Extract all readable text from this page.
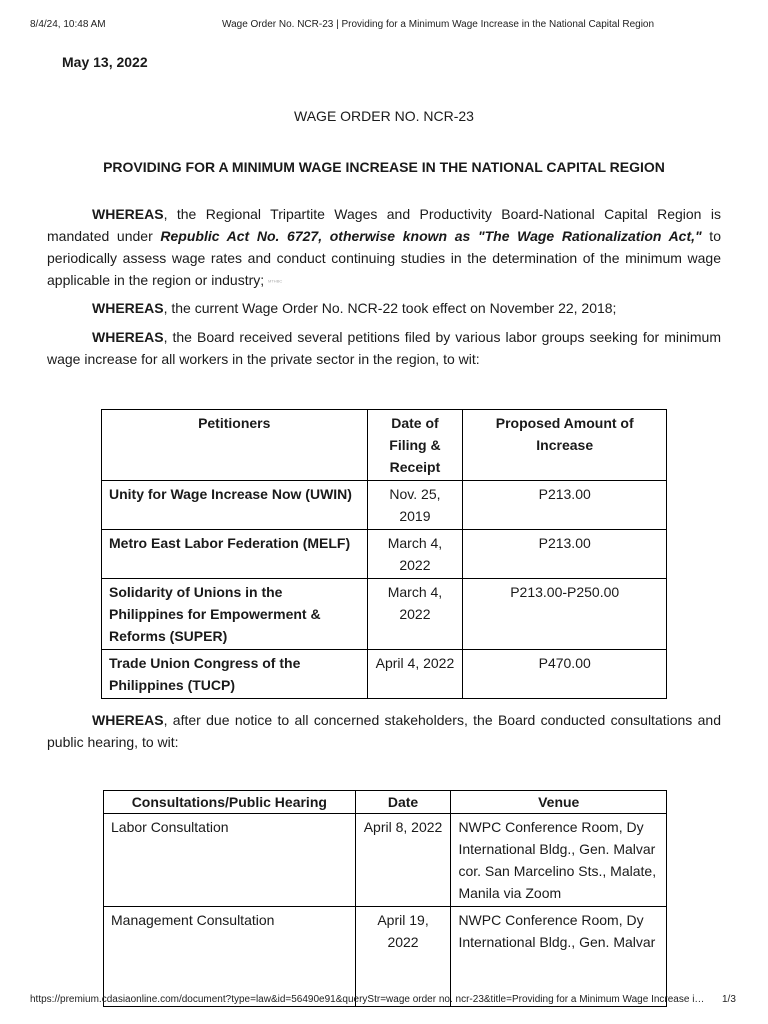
8/4/24, 10:48 AM	Wage Order No. NCR-23 | Providing for a Minimum Wage Increase in the National Capital Region
May 13, 2022
WAGE ORDER NO. NCR-23
PROVIDING FOR A MINIMUM WAGE INCREASE IN THE NATIONAL CAPITAL REGION

WHEREAS, the Regional Tripartite Wages and Productivity Board-National Capital Region is mandated under Republic Act No. 6727, otherwise known as "The Wage Rationalization Act," to periodically assess wage rates and conduct continuing studies in the determination of the minimum wage applicable in the region or industry; MTHBC

WHEREAS, the current Wage Order No. NCR-22 took effect on November 22, 2018;

WHEREAS, the Board received several petitions filed by various labor groups seeking for minimum wage increase for all workers in the private sector in the region, to wit:

Petitioners	Date of Filing & Receipt	Proposed Amount of Increase
Unity for Wage Increase Now (UWIN)	Nov. 25, 2019	P213.00
Metro East Labor Federation (MELF)	March 4, 2022	P213.00
Solidarity of Unions in the Philippines for Empowerment & Reforms (SUPER)	March 4, 2022	P213.00-P250.00
Trade Union Congress of the Philippines (TUCP)	April 4, 2022	P470.00

WHEREAS, after due notice to all concerned stakeholders, the Board conducted consultations and public hearing, to wit:

Consultations/Public Hearing	Date	Venue
Labor Consultation	April 8, 2022	NWPC Conference Room, Dy International Bldg., Gen. Malvar cor. San Marcelino Sts., Malate, Manila via Zoom
Management Consultation	April 19, 2022	NWPC Conference Room, Dy International Bldg., Gen. Malvar
https://premium.cdasiaonline.com/document?type=law&id=56490e91&queryStr=wage order no. ncr-23&title=Providing for a Minimum Wage Increase i…	1/3
